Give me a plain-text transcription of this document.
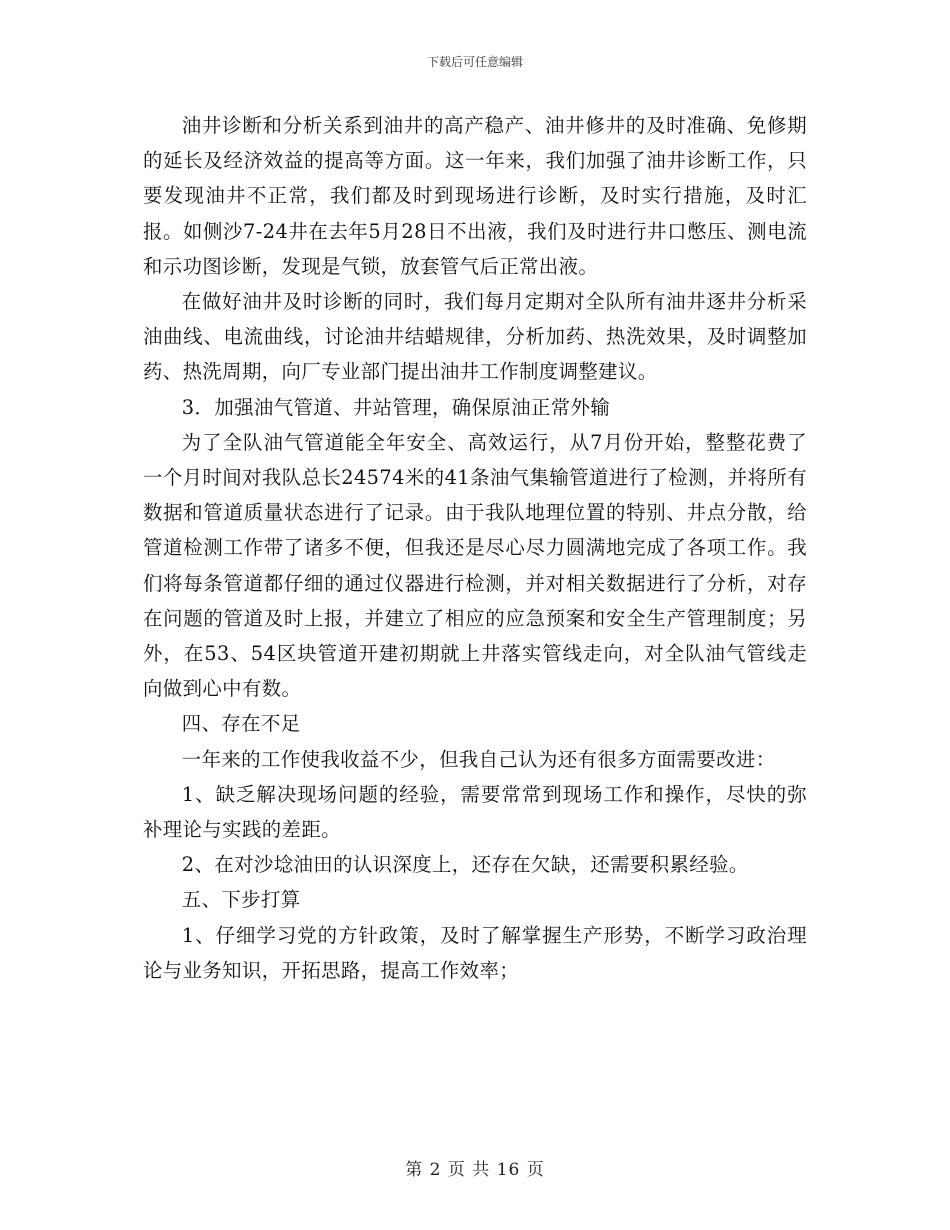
下载后可任意编辑

油井诊断和分析关系到油井的高产稳产、油井修井的及时准确、免修期的延长及经济效益的提高等方面。这一年来，我们加强了油井诊断工作，只要发现油井不正常，我们都及时到现场进行诊断，及时实行措施，及时汇报。如侧沙7-24井在去年5月28日不出液，我们及时进行井口憋压、测电流和示功图诊断，发现是气锁，放套管气后正常出液。

在做好油井及时诊断的同时，我们每月定期对全队所有油井逐井分析采油曲线、电流曲线，讨论油井结蜡规律，分析加药、热洗效果，及时调整加药、热洗周期，向厂专业部门提出油井工作制度调整建议。

3．加强油气管道、井站管理，确保原油正常外输

为了全队油气管道能全年安全、高效运行，从7月份开始，整整花费了一个月时间对我队总长24574米的41条油气集输管道进行了检测，并将所有数据和管道质量状态进行了记录。由于我队地理位置的特别、井点分散，给管道检测工作带了诸多不便，但我还是尽心尽力圆满地完成了各项工作。我们将每条管道都仔细的通过仪器进行检测，并对相关数据进行了分析，对存在问题的管道及时上报，并建立了相应的应急预案和安全生产管理制度；另外，在53、54区块管道开建初期就上井落实管线走向，对全队油气管线走向做到心中有数。

四、存在不足

一年来的工作使我收益不少，但我自己认为还有很多方面需要改进：

1、缺乏解决现场问题的经验，需要常常到现场工作和操作，尽快的弥补理论与实践的差距。

2、在对沙埝油田的认识深度上，还存在欠缺，还需要积累经验。

五、下步打算

1、仔细学习党的方针政策，及时了解掌握生产形势，不断学习政治理论与业务知识，开拓思路，提高工作效率；

第 2 页 共 16 页
